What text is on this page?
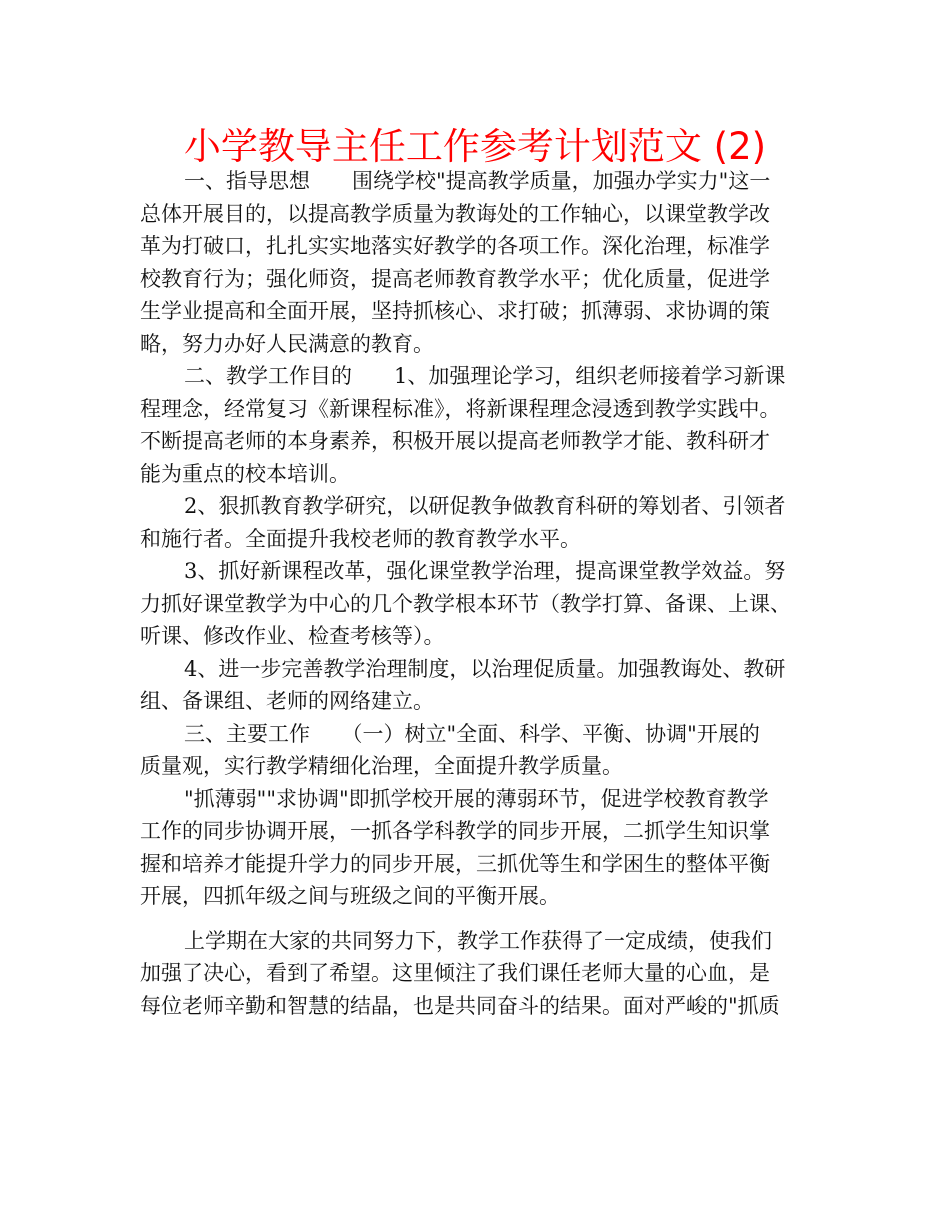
小学教导主任工作参考计划范文 (2)
一、指导思想　　围绕学校"提高教学质量，加强办学实力"这一
总体开展目的，以提高教学质量为教诲处的工作轴心，以课堂教学改
革为打破口，扎扎实实地落实好教学的各项工作。深化治理，标准学
校教育行为；强化师资，提高老师教育教学水平；优化质量，促进学
生学业提高和全面开展，坚持抓核心、求打破；抓薄弱、求协调的策
略，努力办好人民满意的教育。
二、教学工作目的　　1、加强理论学习，组织老师接着学习新课
程理念，经常复习《新课程标准》，将新课程理念浸透到教学实践中。
不断提高老师的本身素养，积极开展以提高老师教学才能、教科研才
能为重点的校本培训。
2、狠抓教育教学研究，以研促教争做教育科研的筹划者、引领者
和施行者。全面提升我校老师的教育教学水平。
3、抓好新课程改革，强化课堂教学治理，提高课堂教学效益。努
力抓好课堂教学为中心的几个教学根本环节（教学打算、备课、上课、
听课、修改作业、检查考核等）。
4、进一步完善教学治理制度，以治理促质量。加强教诲处、教研
组、备课组、老师的网络建立。
三、主要工作　　（一）树立"全面、科学、平衡、协调"开展的
质量观，实行教学精细化治理，全面提升教学质量。
"抓薄弱""求协调"即抓学校开展的薄弱环节，促进学校教育教学
工作的同步协调开展，一抓各学科教学的同步开展，二抓学生知识掌
握和培养才能提升学力的同步开展，三抓优等生和学困生的整体平衡
开展，四抓年级之间与班级之间的平衡开展。
上学期在大家的共同努力下，教学工作获得了一定成绩，使我们
加强了决心，看到了希望。这里倾注了我们课任老师大量的心血，是
每位老师辛勤和智慧的结晶，也是共同奋斗的结果。面对严峻的"抓质
